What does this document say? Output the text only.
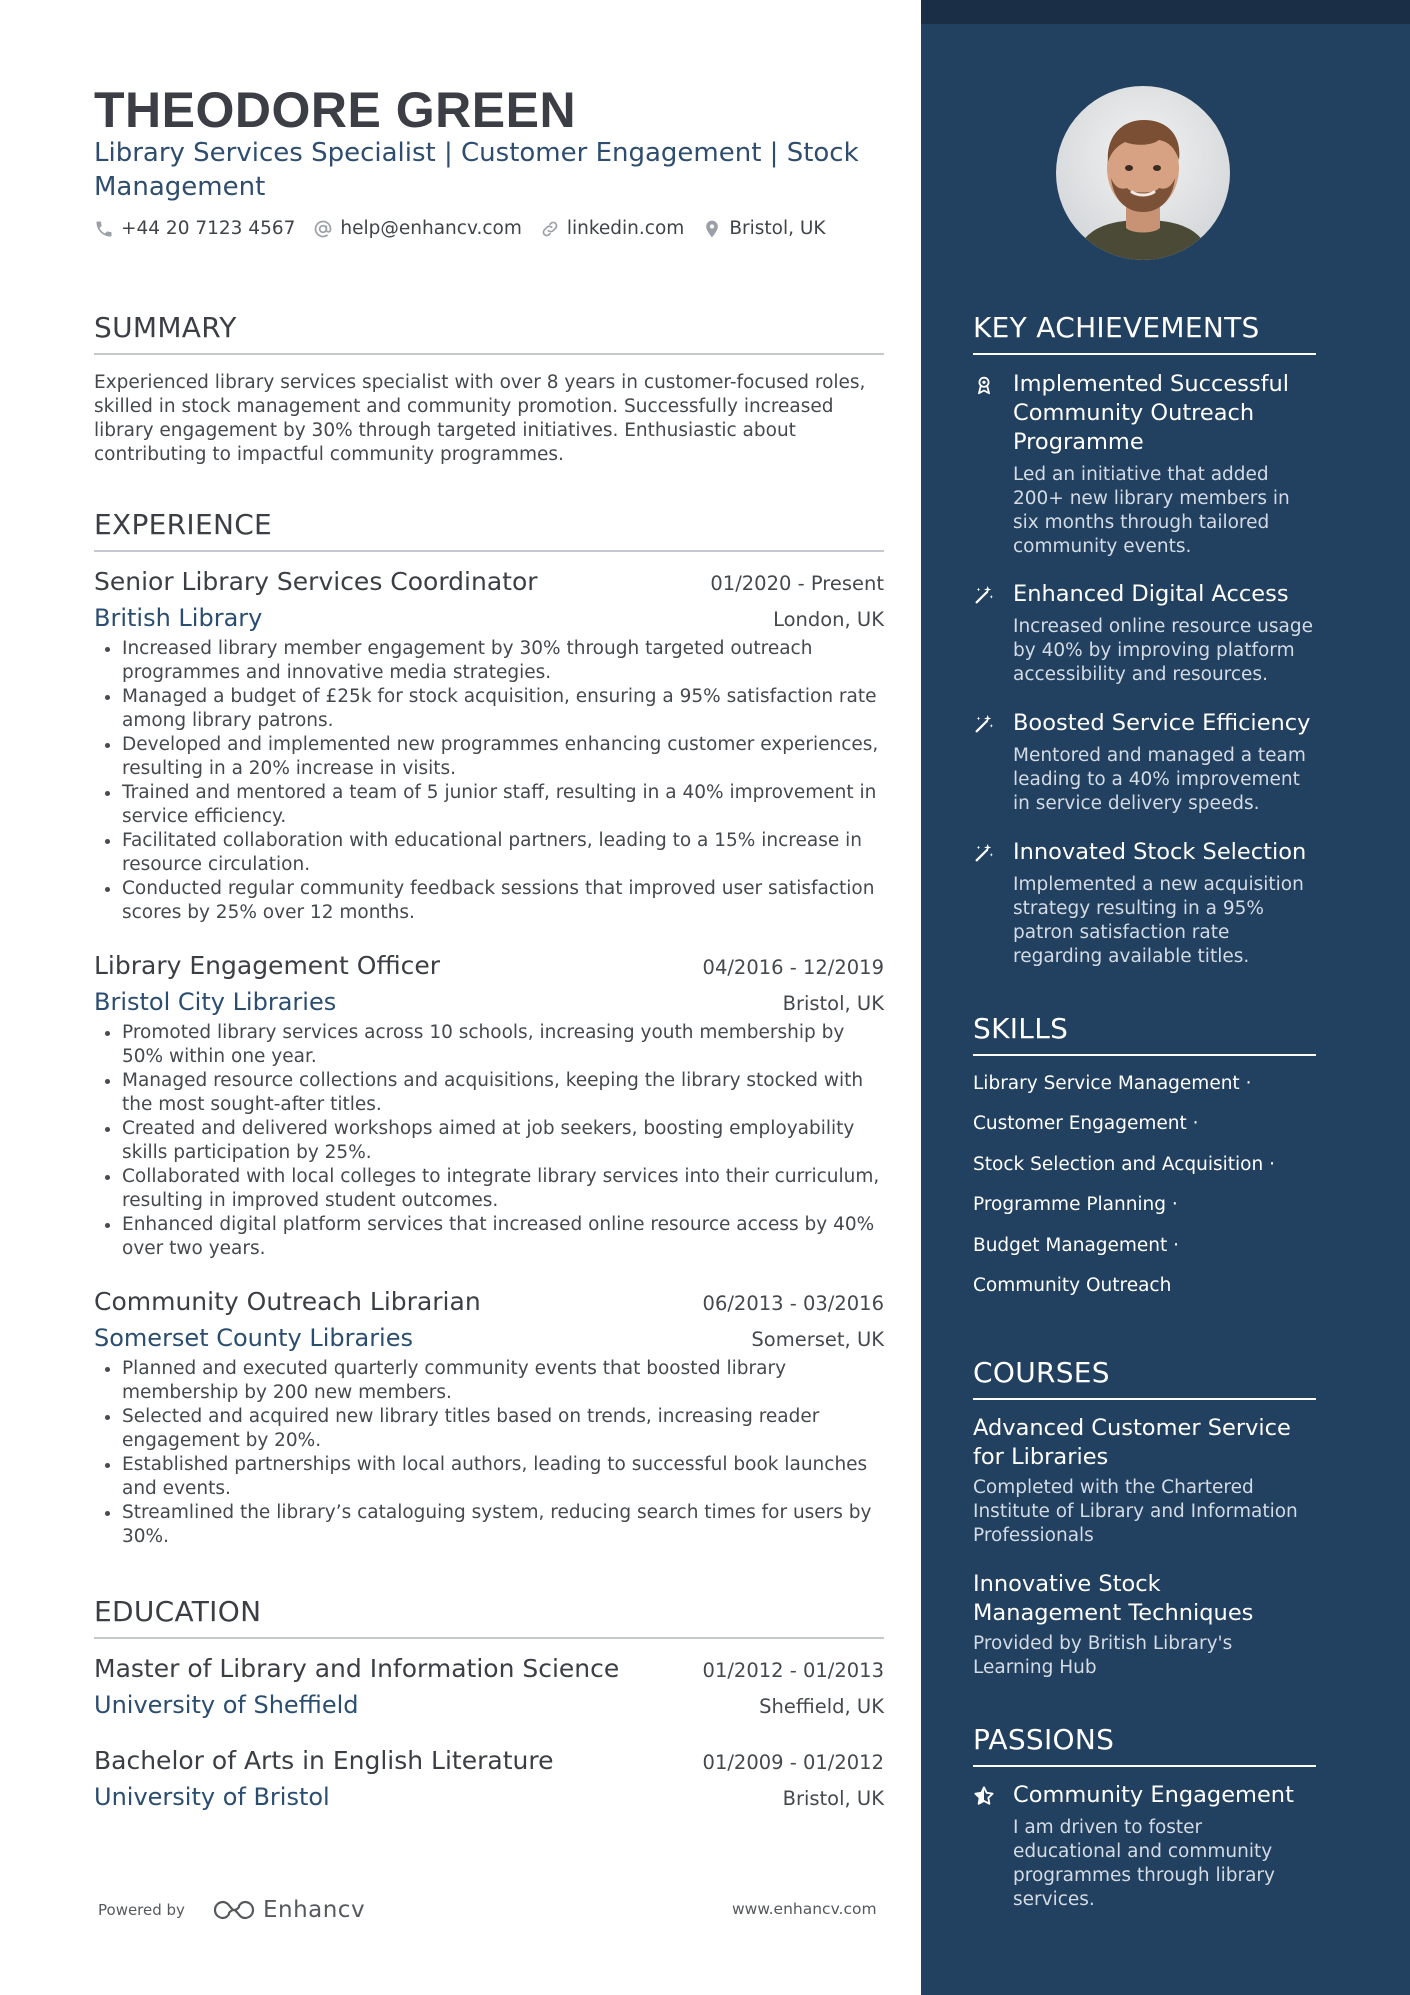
THEODORE GREEN
Library Services Specialist | Customer Engagement | Stock Management
+44 20 7123 4567 help@enhancv.com linkedin.com Bristol, UK
SUMMARY
Experienced library services specialist with over 8 years in customer-focused roles, skilled in stock management and community promotion. Successfully increased library engagement by 30% through targeted initiatives. Enthusiastic about contributing to impactful community programmes.
EXPERIENCE
Senior Library Services Coordinator	01/2020 - Present
British Library	London, UK
• Increased library member engagement by 30% through targeted outreach programmes and innovative media strategies.
• Managed a budget of £25k for stock acquisition, ensuring a 95% satisfaction rate among library patrons.
• Developed and implemented new programmes enhancing customer experiences, resulting in a 20% increase in visits.
• Trained and mentored a team of 5 junior staff, resulting in a 40% improvement in service efficiency.
• Facilitated collaboration with educational partners, leading to a 15% increase in resource circulation.
• Conducted regular community feedback sessions that improved user satisfaction scores by 25% over 12 months.
Library Engagement Officer	04/2016 - 12/2019
Bristol City Libraries	Bristol, UK
• Promoted library services across 10 schools, increasing youth membership by 50% within one year.
• Managed resource collections and acquisitions, keeping the library stocked with the most sought-after titles.
• Created and delivered workshops aimed at job seekers, boosting employability skills participation by 25%.
• Collaborated with local colleges to integrate library services into their curriculum, resulting in improved student outcomes.
• Enhanced digital platform services that increased online resource access by 40% over two years.
Community Outreach Librarian	06/2013 - 03/2016
Somerset County Libraries	Somerset, UK
• Planned and executed quarterly community events that boosted library membership by 200 new members.
• Selected and acquired new library titles based on trends, increasing reader engagement by 20%.
• Established partnerships with local authors, leading to successful book launches and events.
• Streamlined the library’s cataloguing system, reducing search times for users by 30%.
EDUCATION
Master of Library and Information Science	01/2012 - 01/2013
University of Sheffield	Sheffield, UK
Bachelor of Arts in English Literature	01/2009 - 01/2012
University of Bristol	Bristol, UK
Powered by	Enhancv	www.enhancv.com
KEY ACHIEVEMENTS
Implemented Successful Community Outreach Programme
Led an initiative that added 200+ new library members in six months through tailored community events.
Enhanced Digital Access
Increased online resource usage by 40% by improving platform accessibility and resources.
Boosted Service Efficiency
Mentored and managed a team leading to a 40% improvement in service delivery speeds.
Innovated Stock Selection
Implemented a new acquisition strategy resulting in a 95% patron satisfaction rate regarding available titles.
SKILLS
Library Service Management ·
Customer Engagement ·
Stock Selection and Acquisition ·
Programme Planning ·
Budget Management ·
Community Outreach
COURSES
Advanced Customer Service for Libraries
Completed with the Chartered Institute of Library and Information Professionals
Innovative Stock Management Techniques
Provided by British Library's Learning Hub
PASSIONS
Community Engagement
I am driven to foster educational and community programmes through library services.
